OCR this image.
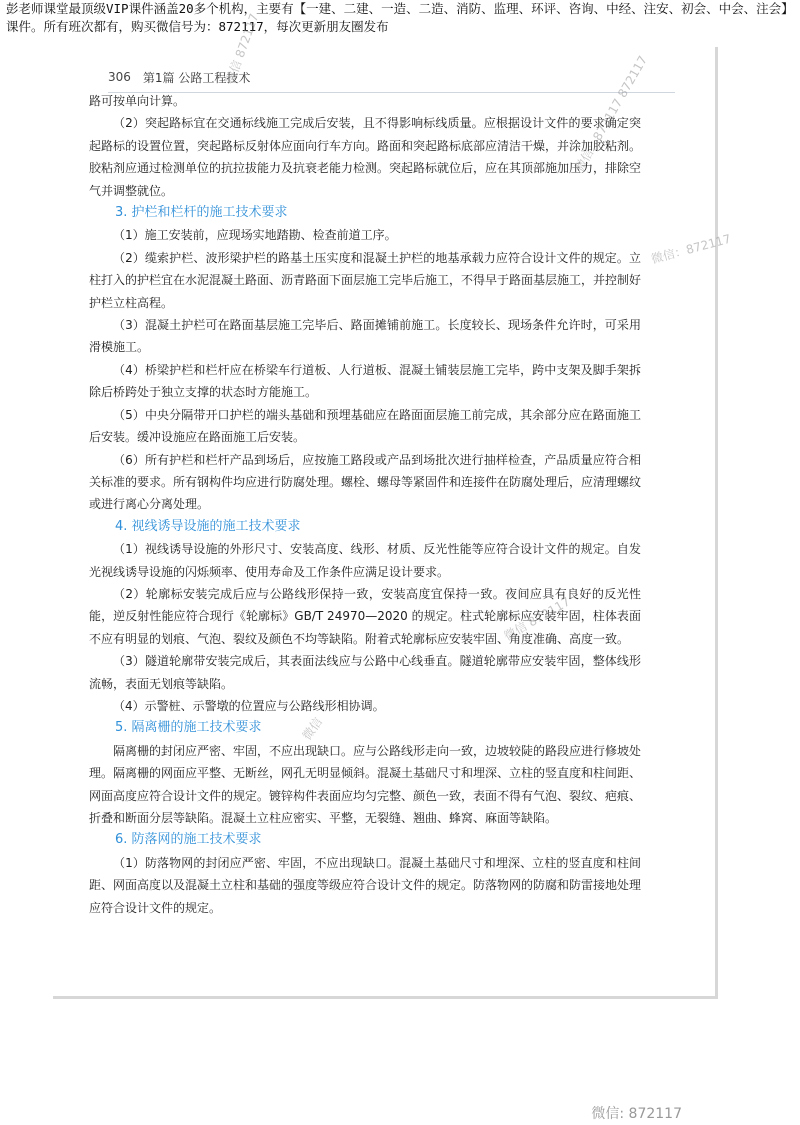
彭老师课堂最顶级VIP课件涵盖20多个机构，主要有【一建、二建、一造、二造、消防、监理、环评、咨询、中经、注安、初会、中会、注会】课件。所有班次都有，购买微信号为：872117，每次更新朋友圈发布
306 第1篇 公路工程技术

路可按单向计算。

（2）突起路标宜在交通标线施工完成后安装，且不得影响标线质量。应根据设计文件的要求确定突起路标的设置位置，突起路标反射体应面向行车方向。路面和突起路标底部应清洁干燥，并涂加胶粘剂。胶粘剂应通过检测单位的抗拉拔能力及抗衰老能力检测。突起路标就位后，应在其顶部施加压力，排除空气并调整就位。

3. 护栏和栏杆的施工技术要求

（1）施工安装前，应现场实地踏勘、检查前道工序。

（2）缆索护栏、波形梁护栏的路基土压实度和混凝土护栏的地基承载力应符合设计文件的规定。立柱打入的护栏宜在水泥混凝土路面、沥青路面下面层施工完毕后施工，不得早于路面基层施工，并控制好护栏立柱高程。

（3）混凝土护栏可在路面基层施工完毕后、路面摊铺前施工。长度较长、现场条件允许时，可采用滑模施工。

（4）桥梁护栏和栏杆应在桥梁车行道板、人行道板、混凝土铺装层施工完毕，跨中支架及脚手架拆除后桥跨处于独立支撑的状态时方能施工。

（5）中央分隔带开口护栏的端头基础和预埋基础应在路面面层施工前完成，其余部分应在路面施工后安装。缓冲设施应在路面施工后安装。

（6）所有护栏和栏杆产品到场后，应按施工路段或产品到场批次进行抽样检查，产品质量应符合相关标准的要求。所有钢构件均应进行防腐处理。螺栓、螺母等紧固件和连接件在防腐处理后，应清理螺纹或进行离心分离处理。

4. 视线诱导设施的施工技术要求

（1）视线诱导设施的外形尺寸、安装高度、线形、材质、反光性能等应符合设计文件的规定。自发光视线诱导设施的闪烁频率、使用寿命及工作条件应满足设计要求。

（2）轮廓标安装完成后应与公路线形保持一致，安装高度宜保持一致。夜间应具有良好的反光性能，逆反射性能应符合现行《轮廓标》GB/T 24970—2020 的规定。柱式轮廓标应安装牢固，柱体表面不应有明显的划痕、气泡、裂纹及颜色不均等缺陷。附着式轮廓标应安装牢固、角度准确、高度一致。

（3）隧道轮廓带安装完成后，其表面法线应与公路中心线垂直。隧道轮廓带应安装牢固，整体线形流畅，表面无划痕等缺陷。

（4）示警桩、示警墩的位置应与公路线形相协调。

5. 隔离栅的施工技术要求

隔离栅的封闭应严密、牢固，不应出现缺口。应与公路线形走向一致，边坡较陡的路段应进行修坡处理。隔离栅的网面应平整、无断丝，网孔无明显倾斜。混凝土基础尺寸和埋深、立柱的竖直度和柱间距、网面高度应符合设计文件的规定。镀锌构件表面应均匀完整、颜色一致，表面不得有气泡、裂纹、疤痕、折叠和断面分层等缺陷。混凝土立柱应密实、平整，无裂缝、翘曲、蜂窝、麻面等缺陷。

6. 防落网的施工技术要求

（1）防落物网的封闭应严密、牢固，不应出现缺口。混凝土基础尺寸和埋深、立柱的竖直度和柱间距、网面高度以及混凝土立柱和基础的强度等级应符合设计文件的规定。防落物网的防腐和防雷接地处理应符合设计文件的规定。

微信：872117 872117
微信：872117
微信 872117
微信 872117
微信
微信: 872117
